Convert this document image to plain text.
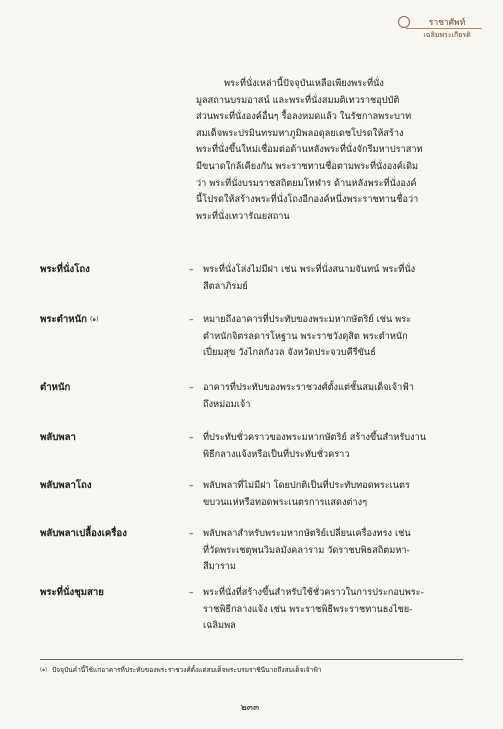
ราชาศัพท์
เฉลิมพระเกียรติ

พระที่นั่งเหล่านี้ปัจจุบันเหลือเพียงพระที่นั่ง

มูลสถานบรมอาสน์ และพระที่นั่งสมมติเทวราชอุปบัติ

ส่วนพระที่นั่งองค์อื่นๆ รื้อลงหมดแล้ว ในรัชกาลพระบาท

สมเด็จพระปรมินทรมหาภูมิพลอดุลยเดชโปรดให้สร้าง

พระที่นั่งขึ้นใหม่เชื่อมต่อด้านหลังพระที่นั่งจักรีมหาปราสาท

มีขนาดใกล้เคียงกัน พระราชทานชื่อตามพระที่นั่งองค์เดิม

ว่า พระที่นั่งบรมราชสถิตยมโหฬาร ด้านหลังพระที่นั่งองค์

นี้โปรดให้สร้างพระที่นั่งโถงอีกองค์หนึ่งพระราชทานชื่อว่า

พระที่นั่งเทวารัณยสถาน

พระที่นั่งโถง	–	พระที่นั่งโล่งไม่มีฝา เช่น พระที่นั่งสนามจันทน์ พระที่นั่ง

สีตลาภิรมย์

พระตำหนัก $^{(๑)}$	–	หมายถึงอาคารที่ประทับของพระมหากษัตริย์ เช่น พระ

ตำหนักจิตรลดารโหฐาน พระราชวังดุสิต พระตำหนัก

เปี่ยมสุข วังไกลกังวล จังหวัดประจวบคีรีขันธ์

ตำหนัก	–	อาคารที่ประทับของพระราชวงศ์ตั้งแต่ชั้นสมเด็จเจ้าฟ้า

ถึงหม่อมเจ้า

พลับพลา	–	ที่ประทับชั่วคราวของพระมหากษัตริย์ สร้างขึ้นสำหรับงาน

พิธีกลางแจ้งหรือเป็นที่ประทับชั่วคราว

พลับพลาโถง	–	พลับพลาที่ไม่มีฝา โดยปกติเป็นที่ประทับทอดพระเนตร

ขบวนแห่หรือทอดพระเนตรการแสดงต่างๆ

พลับพลาเปลื้องเครื่อง	–	พลับพลาสำหรับพระมหากษัตริย์เปลี่ยนเครื่องทรง เช่น

ที่วัดพระเชตุพนวิมลมังคลาราม วัดราชบพิธสถิตมหา-

สีมาราม

พระที่นั่งชุมสาย	–	พระที่นั่งที่สร้างขึ้นสำหรับใช้ชั่วคราวในการประกอบพระ-

ราชพิธีกลางแจ้ง เช่น พระราชพิธีพระราชทานธงไชย-

เฉลิมพล

$^{(๑)}$ ปัจจุบันคำนี้ใช้แก่อาคารที่ประทับของพระราชวงศ์ตั้งแต่สมเด็จพระบรมราชินีนาถถึงสมเด็จเจ้าฟ้า
๒๓๓
